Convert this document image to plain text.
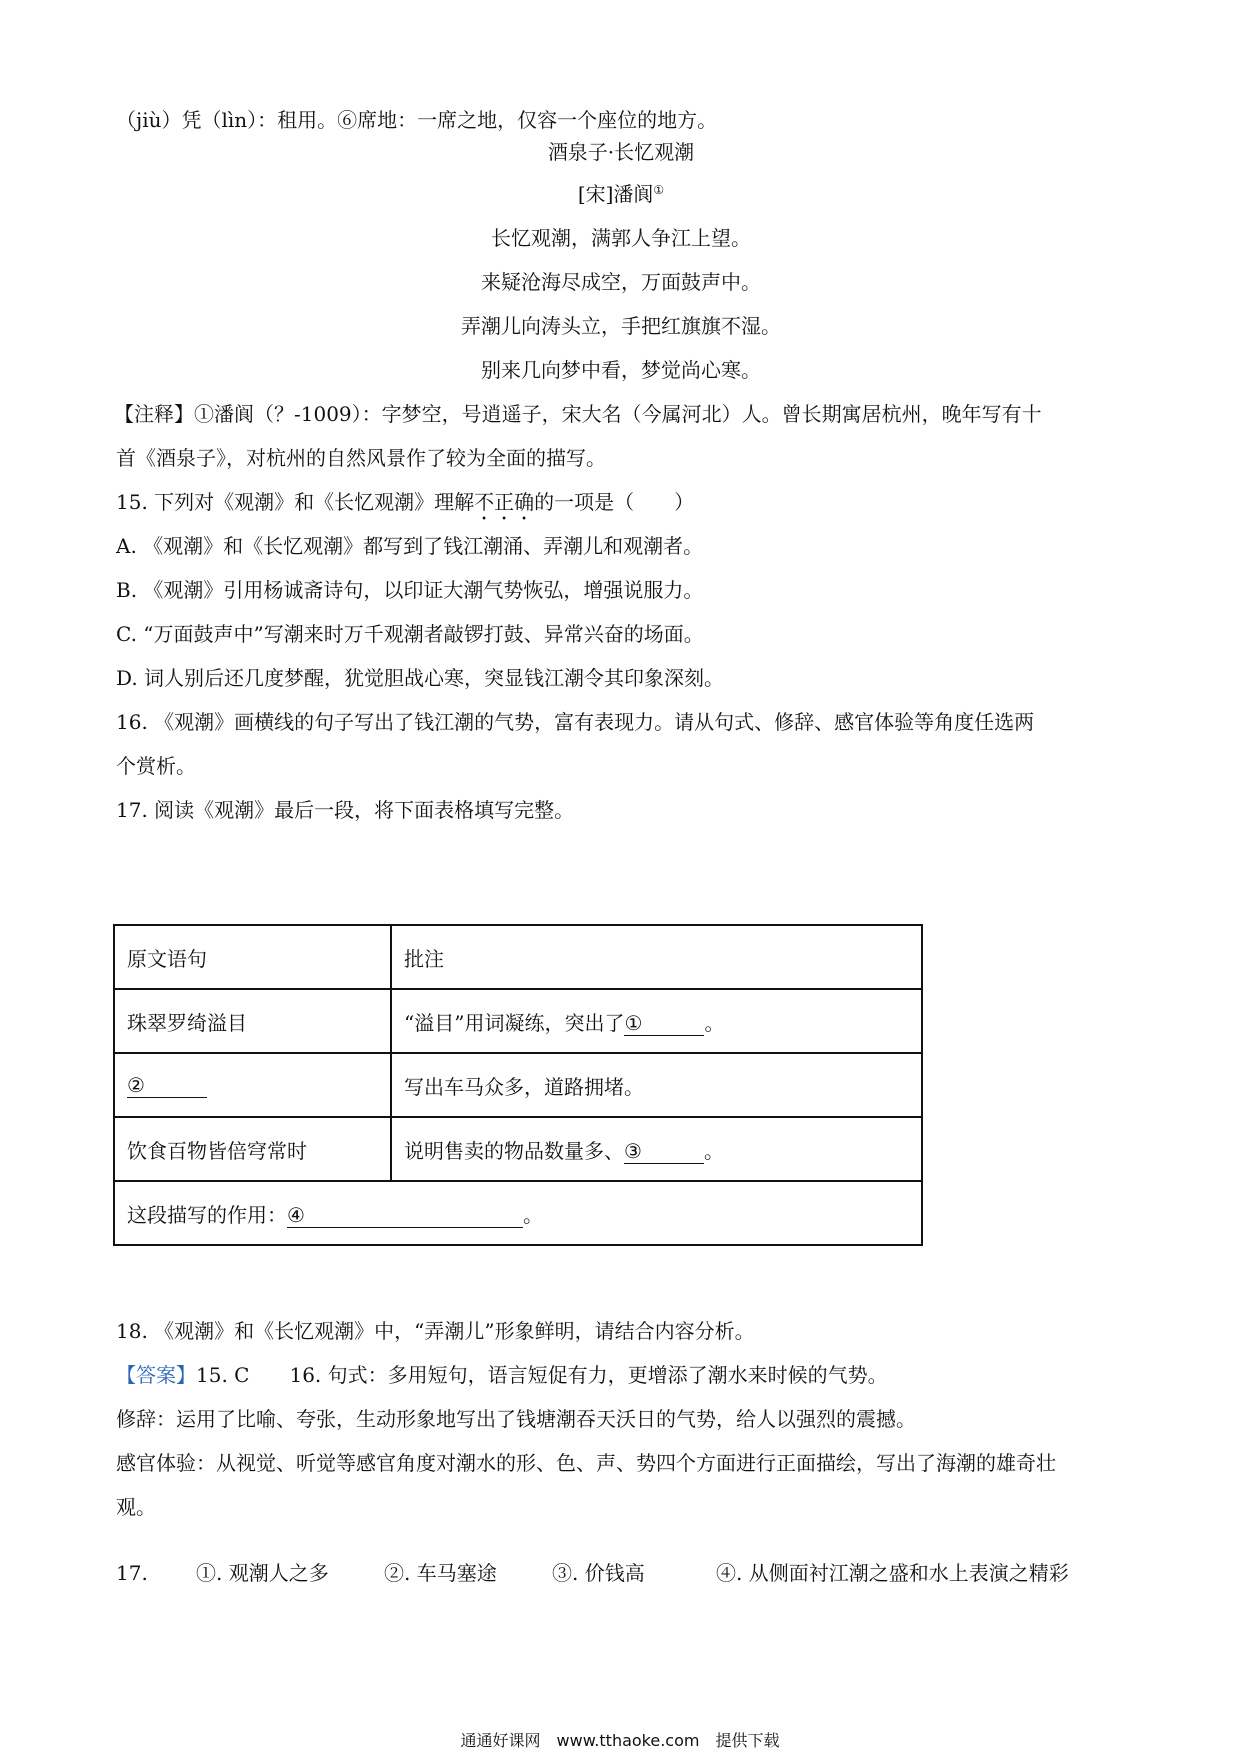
（jiù）凭（lìn）：租用。⑥席地：一席之地，仅容一个座位的地方。
酒泉子·长忆观潮
[宋]潘阆①
长忆观潮，满郭人争江上望。
来疑沧海尽成空，万面鼓声中。
弄潮儿向涛头立，手把红旗旗不湿。
别来几向梦中看，梦觉尚心寒。
【注释】①潘阆（？-1009）：字梦空，号逍遥子，宋大名（今属河北）人。曾长期寓居杭州，晚年写有十
首《酒泉子》，对杭州的自然风景作了较为全面的描写。
15. 下列对《观潮》和《长忆观潮》理解不正确的一项是（　　）
A. 《观潮》和《长忆观潮》都写到了钱江潮涌、弄潮儿和观潮者。
B. 《观潮》引用杨诚斋诗句，以印证大潮气势恢弘，增强说服力。
C. “万面鼓声中”写潮来时万千观潮者敲锣打鼓、异常兴奋的场面。
D. 词人别后还几度梦醒，犹觉胆战心寒，突显钱江潮令其印象深刻。
16. 《观潮》画横线的句子写出了钱江潮的气势，富有表现力。请从句式、修辞、感官体验等角度任选两
个赏析。
17. 阅读《观潮》最后一段，将下面表格填写完整。
原文语句	批注
珠翠罗绮溢目	“溢目”用词凝练，突出了① 。
②	写出车马众多，道路拥堵。
饮食百物皆倍穹常时	说明售卖的物品数量多、③ 。
这段描写的作用：④ 。	
18. 《观潮》和《长忆观潮》中，“弄潮儿”形象鲜明，请结合内容分析。
【答案】15. C 16. 句式：多用短句，语言短促有力，更增添了潮水来时候的气势。
修辞：运用了比喻、夸张，生动形象地写出了钱塘潮吞天沃日的气势，给人以强烈的震撼。
感官体验：从视觉、听觉等感官角度对潮水的形、色、声、势四个方面进行正面描绘，写出了海潮的雄奇壮
观。
17. ①. 观潮人之多	②. 车马塞途	③. 价钱高	④. 从侧面衬江潮之盛和水上表演之精彩
通通好课网　www.tthaoke.com　提供下载
